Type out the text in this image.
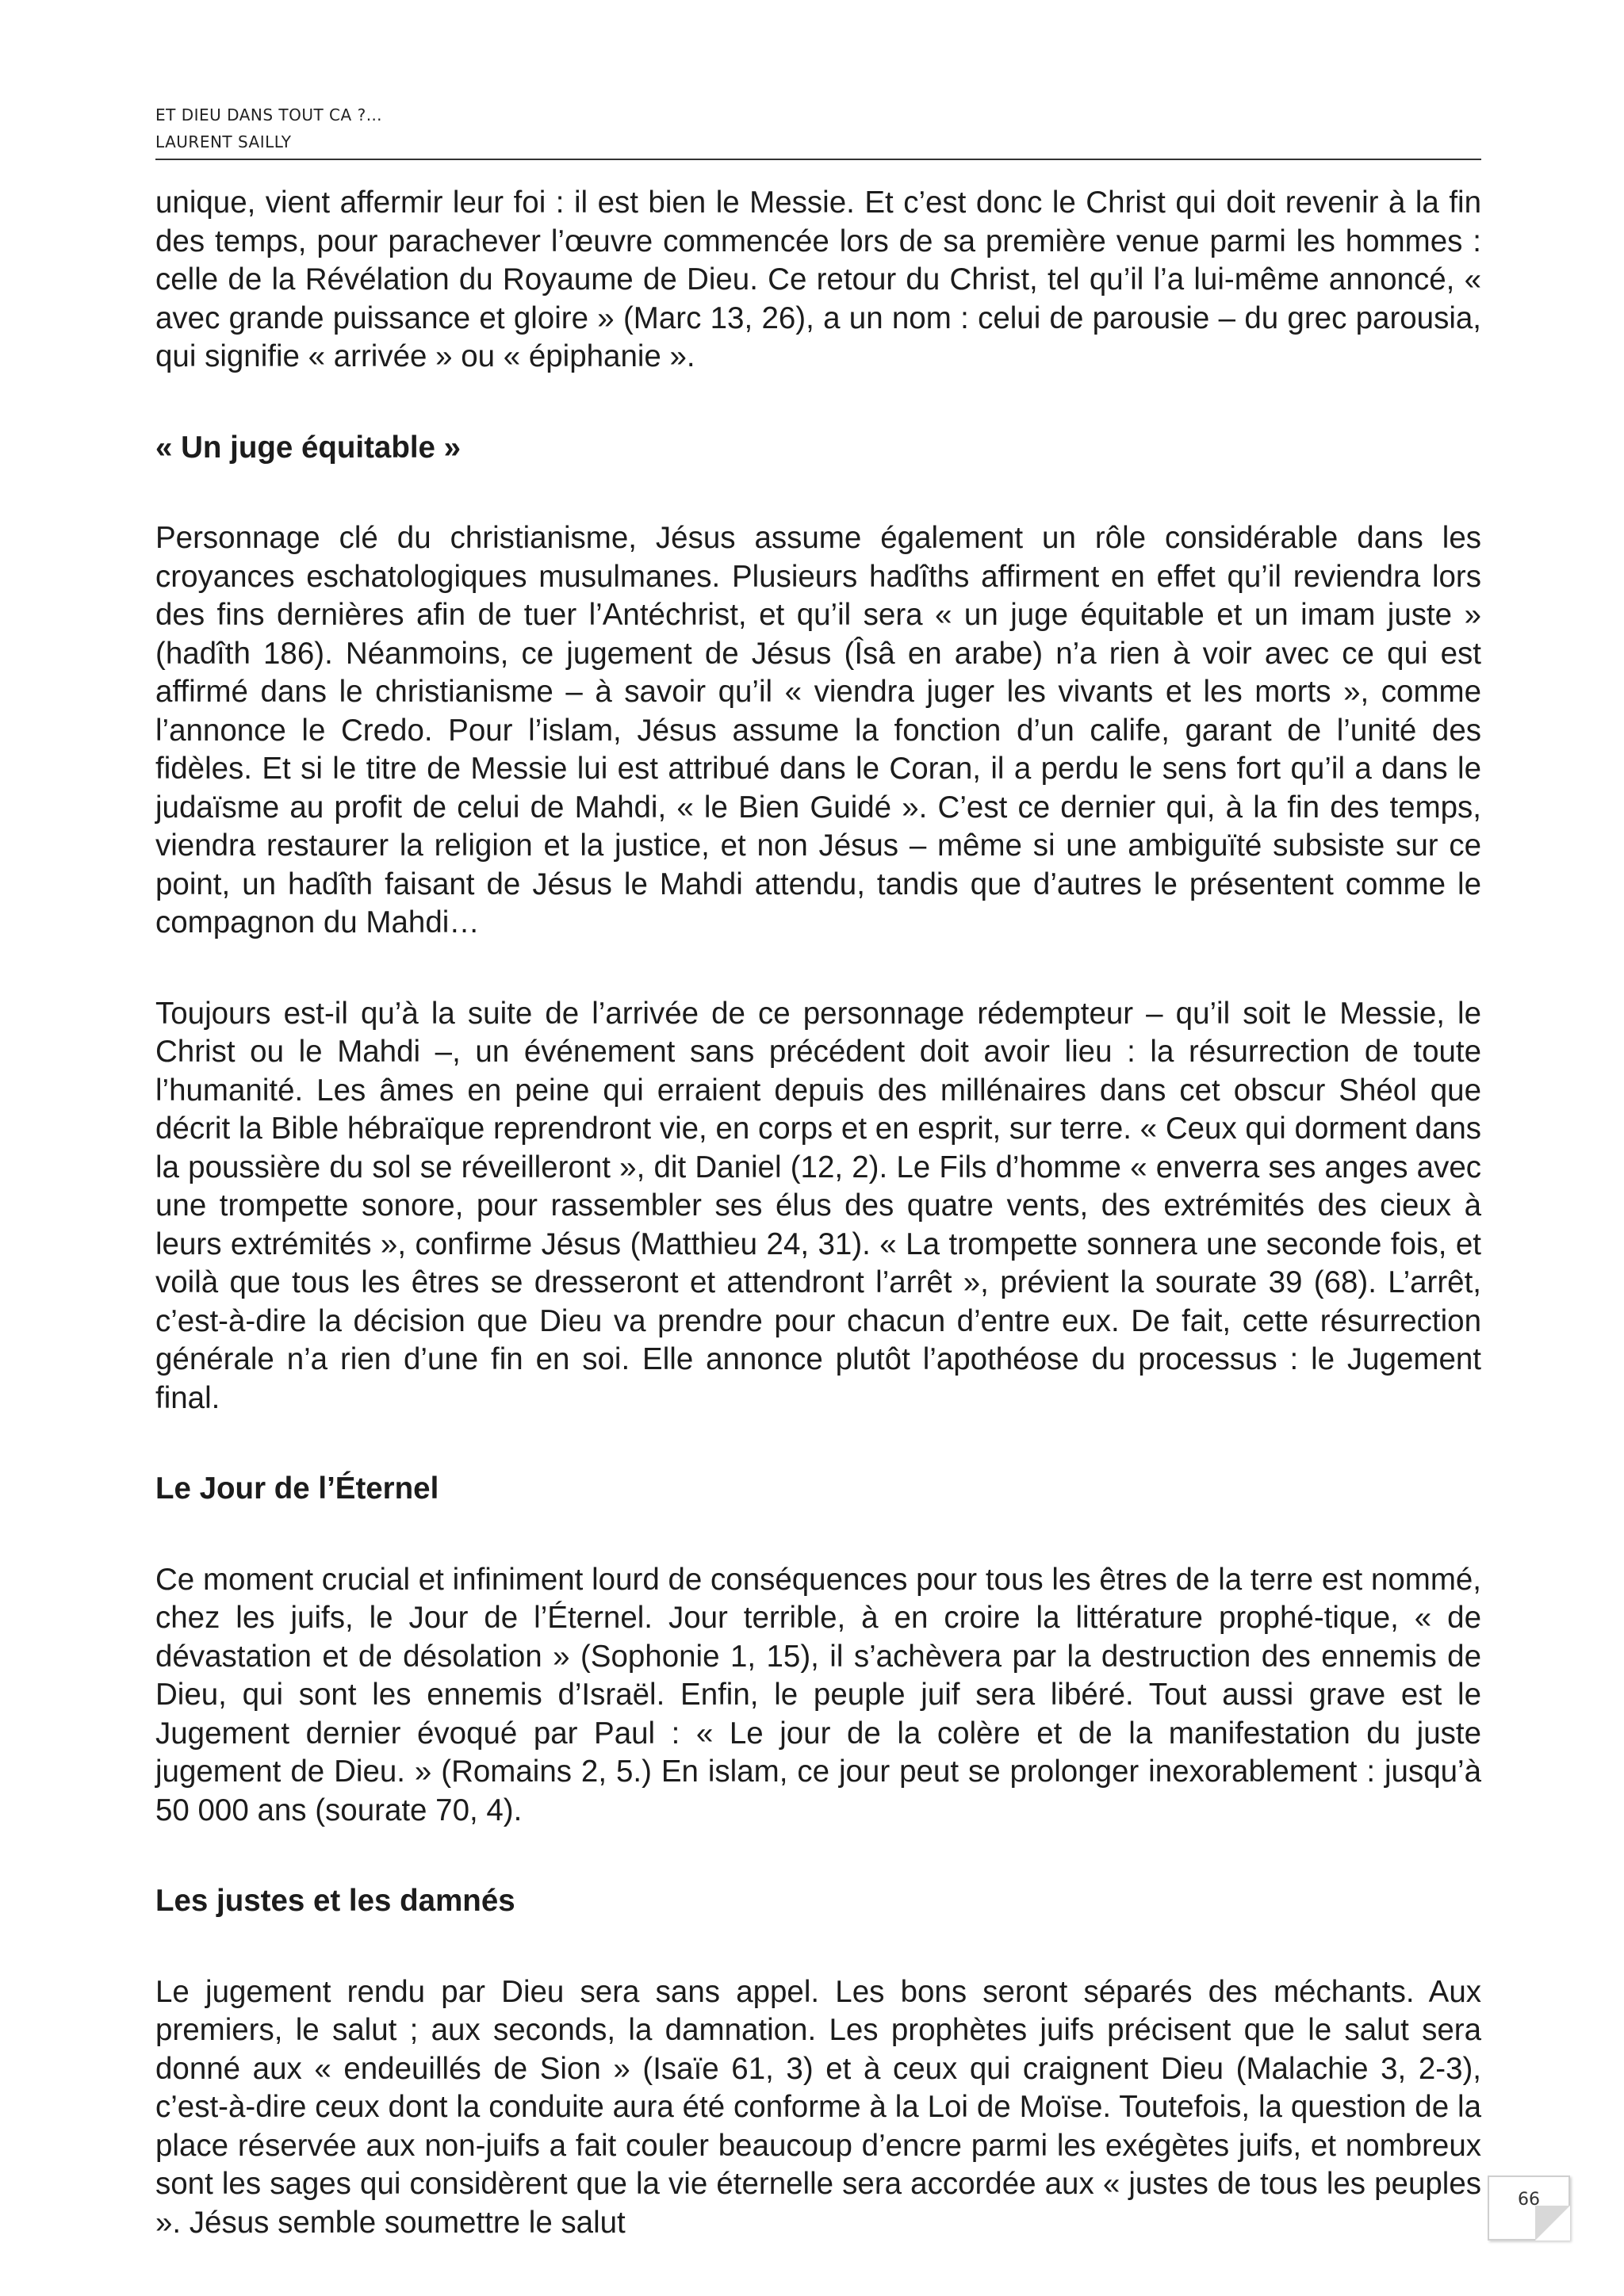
ET DIEU DANS TOUT CA ?…
LAURENT SAILLY

unique, vient affermir leur foi : il est bien le Messie. Et c’est donc le Christ qui doit revenir à la fin des temps, pour parachever l’œuvre commencée lors de sa première venue parmi les hommes : celle de la Révélation du Royaume de Dieu. Ce retour du Christ, tel qu’il l’a lui-même annoncé, « avec grande puissance et gloire » (Marc 13, 26), a un nom : celui de parousie – du grec parousia, qui signifie « arrivée » ou « épiphanie ».

« Un juge équitable »

Personnage clé du christianisme, Jésus assume également un rôle considérable dans les croyances eschatologiques musulmanes. Plusieurs hadîths affirment en effet qu’il reviendra lors des fins dernières afin de tuer l’Antéchrist, et qu’il sera « un juge équitable et un imam juste » (hadîth 186). Néanmoins, ce jugement de Jésus (Îsâ en arabe) n’a rien à voir avec ce qui est affirmé dans le christianisme – à savoir qu’il « viendra juger les vivants et les morts », comme l’annonce le Credo. Pour l’islam, Jésus assume la fonction d’un calife, garant de l’unité des fidèles. Et si le titre de Messie lui est attribué dans le Coran, il a perdu le sens fort qu’il a dans le judaïsme au profit de celui de Mahdi, « le Bien Guidé ». C’est ce dernier qui, à la fin des temps, viendra restaurer la religion et la justice, et non Jésus – même si une ambiguïté subsiste sur ce point, un hadîth faisant de Jésus le Mahdi attendu, tandis que d’autres le présentent comme le compagnon du Mahdi…

Toujours est-il qu’à la suite de l’arrivée de ce personnage rédempteur – qu’il soit le Messie, le Christ ou le Mahdi –, un événement sans précédent doit avoir lieu : la résurrection de toute l’humanité. Les âmes en peine qui erraient depuis des millénaires dans cet obscur Shéol que décrit la Bible hébraïque reprendront vie, en corps et en esprit, sur terre. « Ceux qui dorment dans la poussière du sol se réveilleront », dit Daniel (12, 2). Le Fils d’homme « enverra ses anges avec une trompette sonore, pour rassembler ses élus des quatre vents, des extrémités des cieux à leurs extrémités », confirme Jésus (Matthieu 24, 31). « La trompette sonnera une seconde fois, et voilà que tous les êtres se dresseront et attendront l’arrêt », prévient la sourate 39 (68). L’arrêt, c’est-à-dire la décision que Dieu va prendre pour chacun d’entre eux. De fait, cette résurrection générale n’a rien d’une fin en soi. Elle annonce plutôt l’apothéose du processus : le Jugement final.

Le Jour de l’Éternel

Ce moment crucial et infiniment lourd de conséquences pour tous les êtres de la terre est nommé, chez les juifs, le Jour de l’Éternel. Jour terrible, à en croire la littérature prophé-tique, « de dévastation et de désolation » (Sophonie 1, 15), il s’achèvera par la destruction des ennemis de Dieu, qui sont les ennemis d’Israël. Enfin, le peuple juif sera libéré. Tout aussi grave est le Jugement dernier évoqué par Paul : « Le jour de la colère et de la manifestation du juste jugement de Dieu. » (Romains 2, 5.) En islam, ce jour peut se prolonger inexorablement : jusqu’à 50 000 ans (sourate 70, 4).

Les justes et les damnés

Le jugement rendu par Dieu sera sans appel. Les bons seront séparés des méchants. Aux premiers, le salut ; aux seconds, la damnation. Les prophètes juifs précisent que le salut sera donné aux « endeuillés de Sion » (Isaïe 61, 3) et à ceux qui craignent Dieu (Malachie 3, 2-3), c’est-à-dire ceux dont la conduite aura été conforme à la Loi de Moïse. Toutefois, la question de la place réservée aux non-juifs a fait couler beaucoup d’encre parmi les exégètes juifs, et nombreux sont les sages qui considèrent que la vie éternelle sera accordée aux « justes de tous les peuples ». Jésus semble soumettre le salut

66
